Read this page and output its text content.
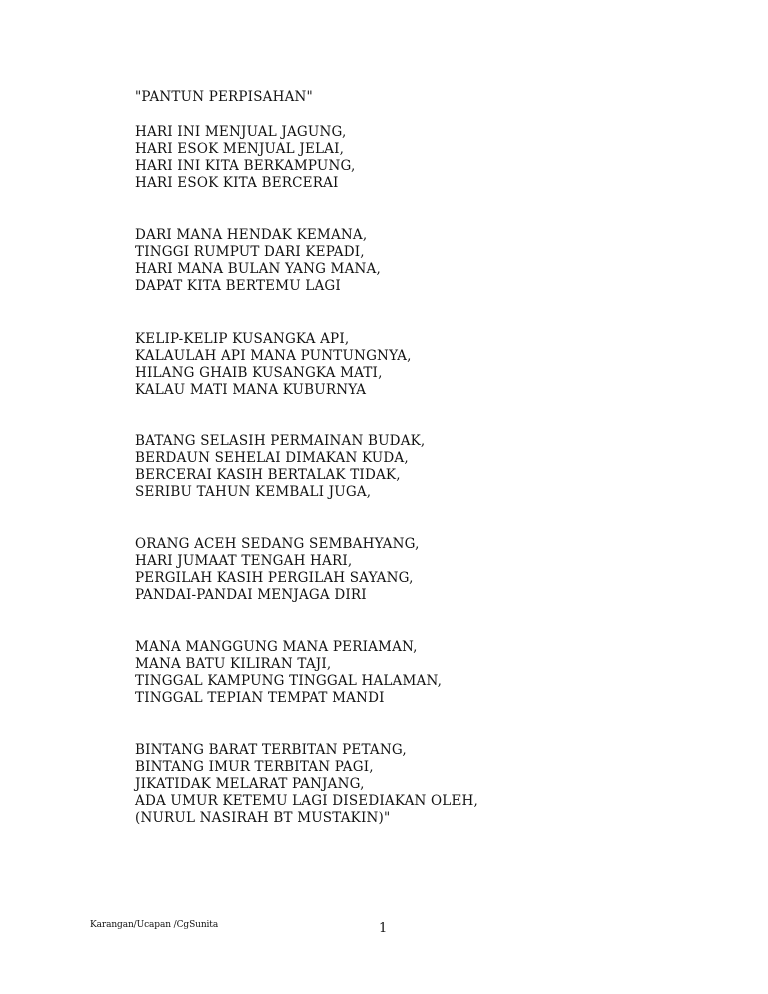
"PANTUN PERPISAHAN"
HARI INI MENJUAL JAGUNG,
HARI ESOK MENJUAL JELAI,
HARI INI KITA BERKAMPUNG,
HARI ESOK KITA BERCERAI
DARI MANA HENDAK KEMANA,
TINGGI RUMPUT DARI KEPADI,
HARI MANA BULAN YANG MANA,
DAPAT KITA BERTEMU LAGI
KELIP-KELIP KUSANGKA API,
KALAULAH API MANA PUNTUNGNYA,
HILANG GHAIB KUSANGKA MATI,
KALAU MATI MANA KUBURNYA
BATANG SELASIH PERMAINAN BUDAK,
BERDAUN SEHELAI DIMAKAN KUDA,
BERCERAI KASIH BERTALAK TIDAK,
SERIBU TAHUN KEMBALI JUGA,
ORANG ACEH SEDANG SEMBAHYANG,
HARI JUMAAT TENGAH HARI,
PERGILAH KASIH PERGILAH SAYANG,
PANDAI-PANDAI MENJAGA DIRI
MANA MANGGUNG MANA PERIAMAN,
MANA BATU KILIRAN TAJI,
TINGGAL KAMPUNG TINGGAL HALAMAN,
TINGGAL TEPIAN TEMPAT MANDI
BINTANG BARAT TERBITAN PETANG,
BINTANG IMUR TERBITAN PAGI,
JIKATIDAK MELARAT PANJANG,
ADA UMUR KETEMU LAGI DISEDIAKAN OLEH,
(NURUL NASIRAH BT MUSTAKIN)"
Karangan/Ucapan /CgSunita	1
